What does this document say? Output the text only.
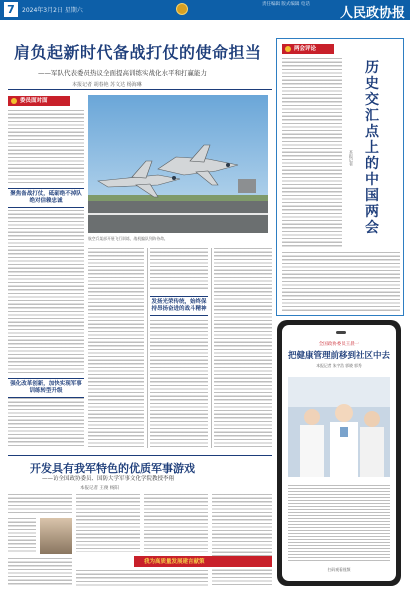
7	2024年3月2日 星期六
责任编辑 版式编辑 电话
人民政协报 两会专刊
肩负起新时代备战打仗的使命担当
——军队代表委员热议全面提高训练实战化水平和打赢能力
本报记者 胡春艳 苏文达 杨海琳
委员面对面
聚焦备战打仗，砥砺绝不掉队绝对信赖忠诚
强化改革创新，加快实现军事训练转型升级
航空兵某部开展飞行训练，战机编队列阵待命。
发扬光荣传统，始终保持昂扬奋进的战斗精神
两会评论
历史交汇点上的中国两会
本报记者
全国政协委员王晨一
把健康管理前移到社区中去
本报记者 朱字浩 郭晓 郭秀
扫码观看视频
开发具有我军特色的优质军事游戏
——访全国政协委员、国防大学军事文化学院教授李翔
本报记者 王俊 杨阳
我为高质量发展建言献策
